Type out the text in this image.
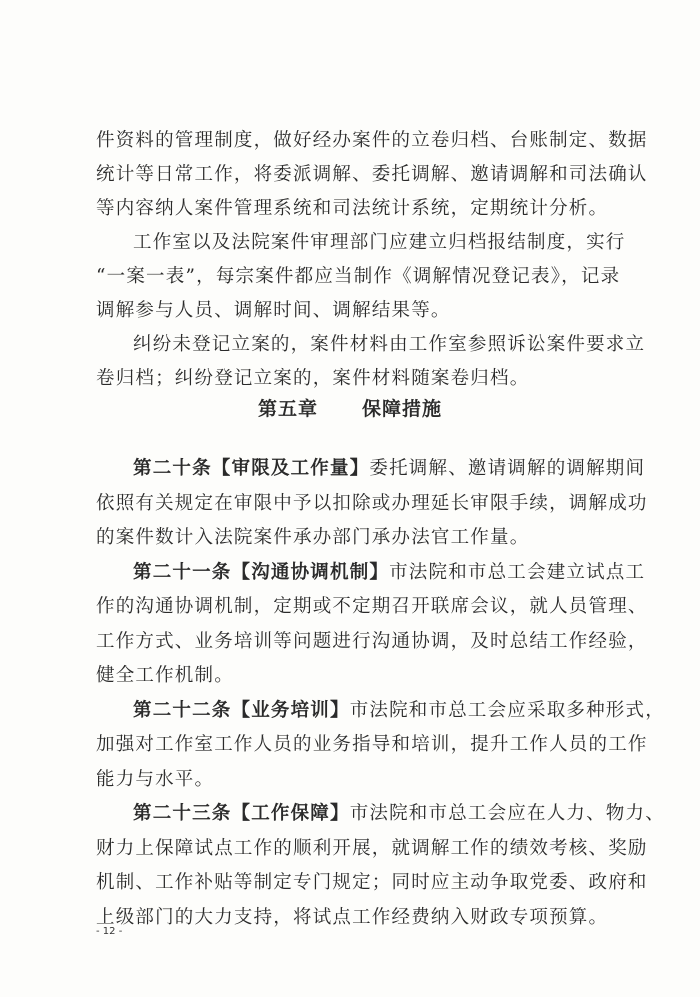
件资料的管理制度，做好经办案件的立卷归档、台账制定、数据
统计等日常工作，将委派调解、委托调解、邀请调解和司法确认
等内容纳人案件管理系统和司法统计系统，定期统计分析。
工作室以及法院案件审理部门应建立归档报结制度，实行
“一案一表”，每宗案件都应当制作《调解情况登记表》，记录
调解参与人员、调解时间、调解结果等。
纠纷未登记立案的，案件材料由工作室参照诉讼案件要求立
卷归档；纠纷登记立案的，案件材料随案卷归档。
第五章 保障措施
第二十条【审限及工作量】委托调解、邀请调解的调解期间
依照有关规定在审限中予以扣除或办理延长审限手续，调解成功
的案件数计入法院案件承办部门承办法官工作量。
第二十一条【沟通协调机制】市法院和市总工会建立试点工
作的沟通协调机制，定期或不定期召开联席会议，就人员管理、
工作方式、业务培训等问题进行沟通协调，及时总结工作经验，
健全工作机制。
第二十二条【业务培训】市法院和市总工会应采取多种形式，
加强对工作室工作人员的业务指导和培训，提升工作人员的工作
能力与水平。
第二十三条【工作保障】市法院和市总工会应在人力、物力、
财力上保障试点工作的顺利开展，就调解工作的绩效考核、奖励
机制、工作补贴等制定专门规定；同时应主动争取党委、政府和
上级部门的大力支持，将试点工作经费纳入财政专项预算。
- 12 -
